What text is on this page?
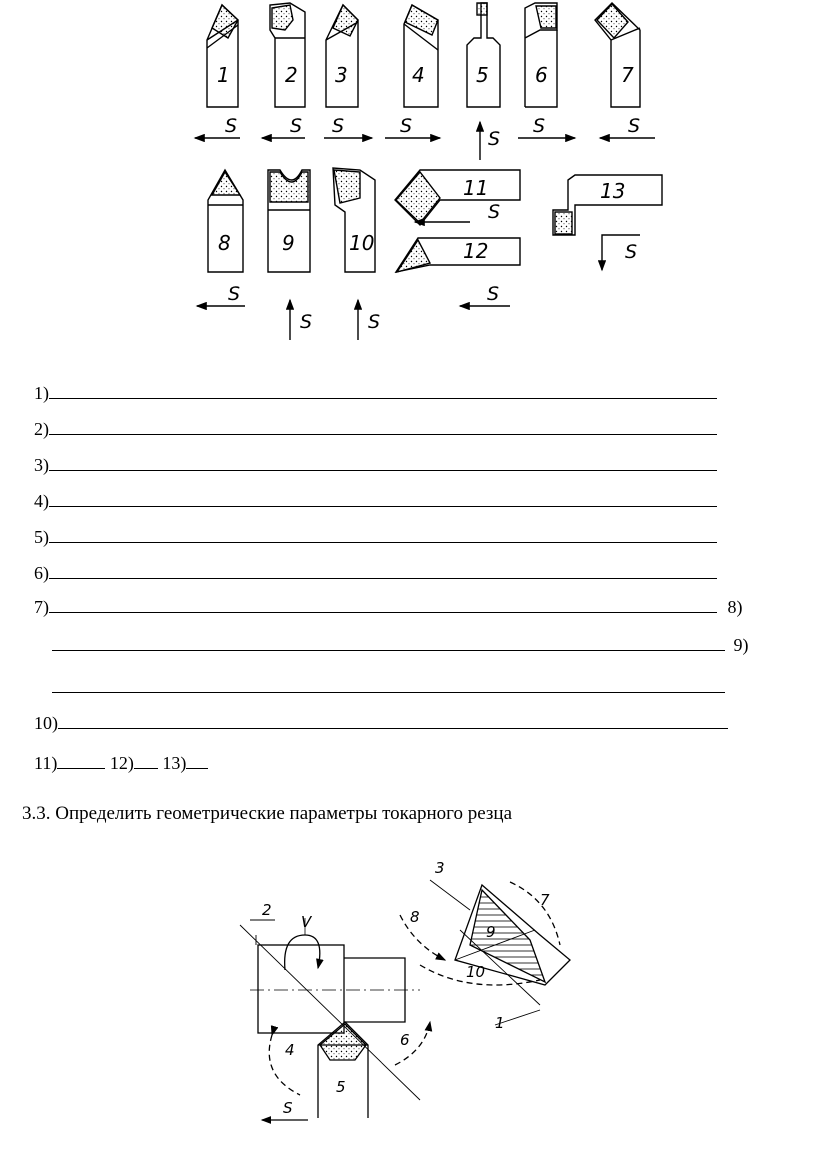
1	2 3	4	5 6	7
8	9	10
11
12
13
S	S S	S
S
S	S
S
S
S
S	S
S
1)
2)
3)
4)
5)
6)
7)	8)
9)
10)
11)	12) 13)
3.3. Определить геометрические параметры токарного резца
1
2
3
4
5
6
7
8
9
10
V
S
